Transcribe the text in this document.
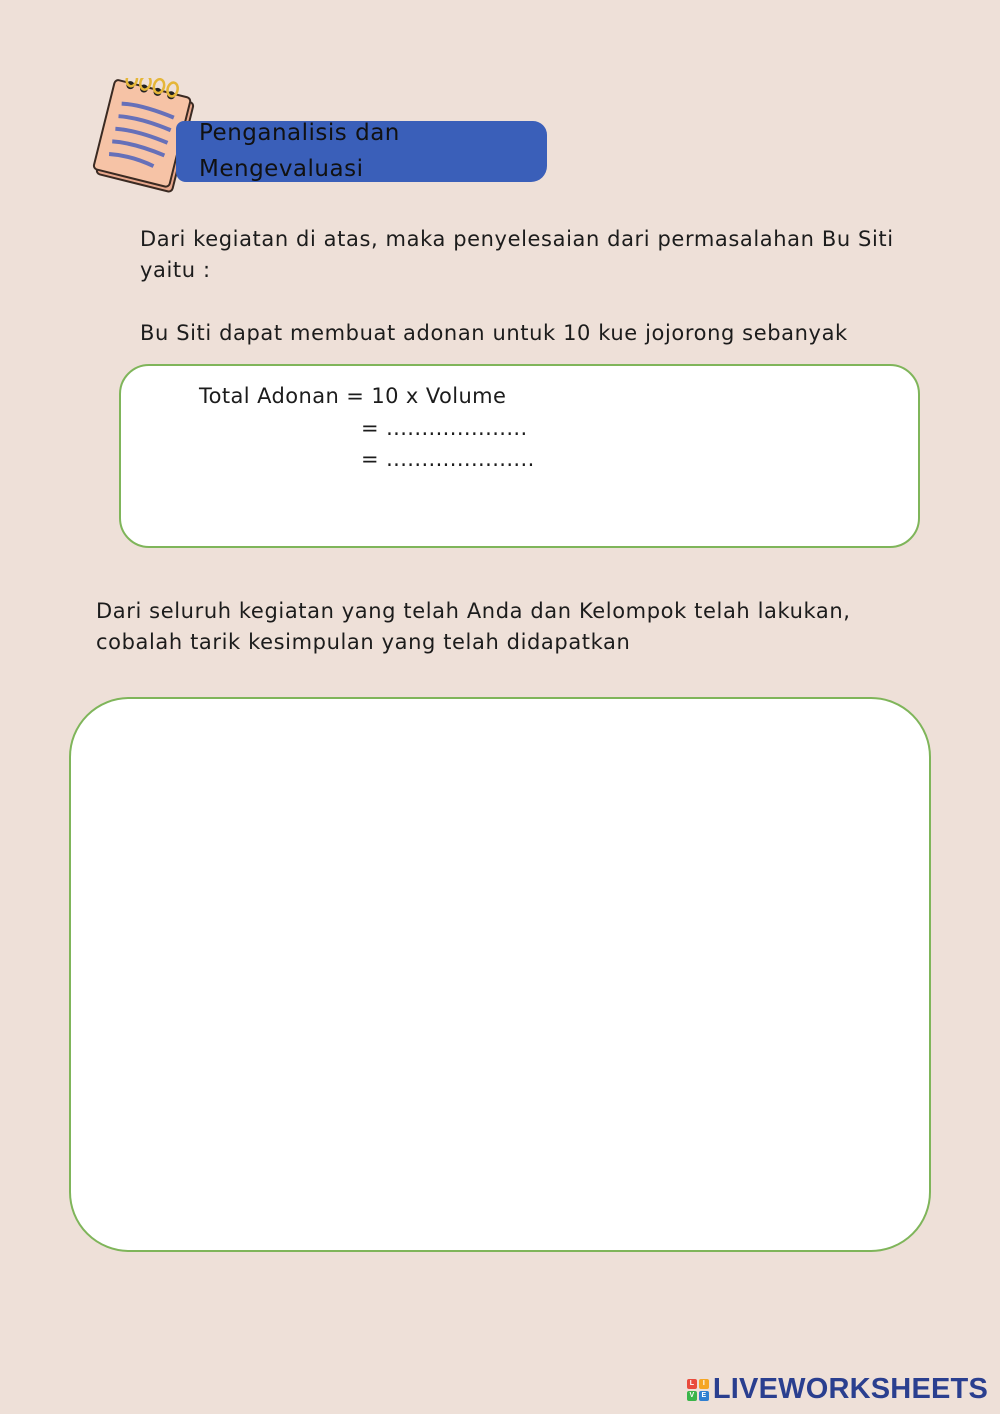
Penganalisis dan
Mengevaluasi
Dari kegiatan di atas, maka penyelesaian dari permasalahan Bu Siti
yaitu :
Bu Siti dapat membuat adonan untuk 10 kue jojorong sebanyak
Total Adonan = 10 x Volume
= ....................
= .....................
Dari seluruh kegiatan yang telah Anda dan Kelompok telah lakukan,
cobalah tarik kesimpulan yang telah didapatkan
L	I
V	E LIVEWORKSHEETS
